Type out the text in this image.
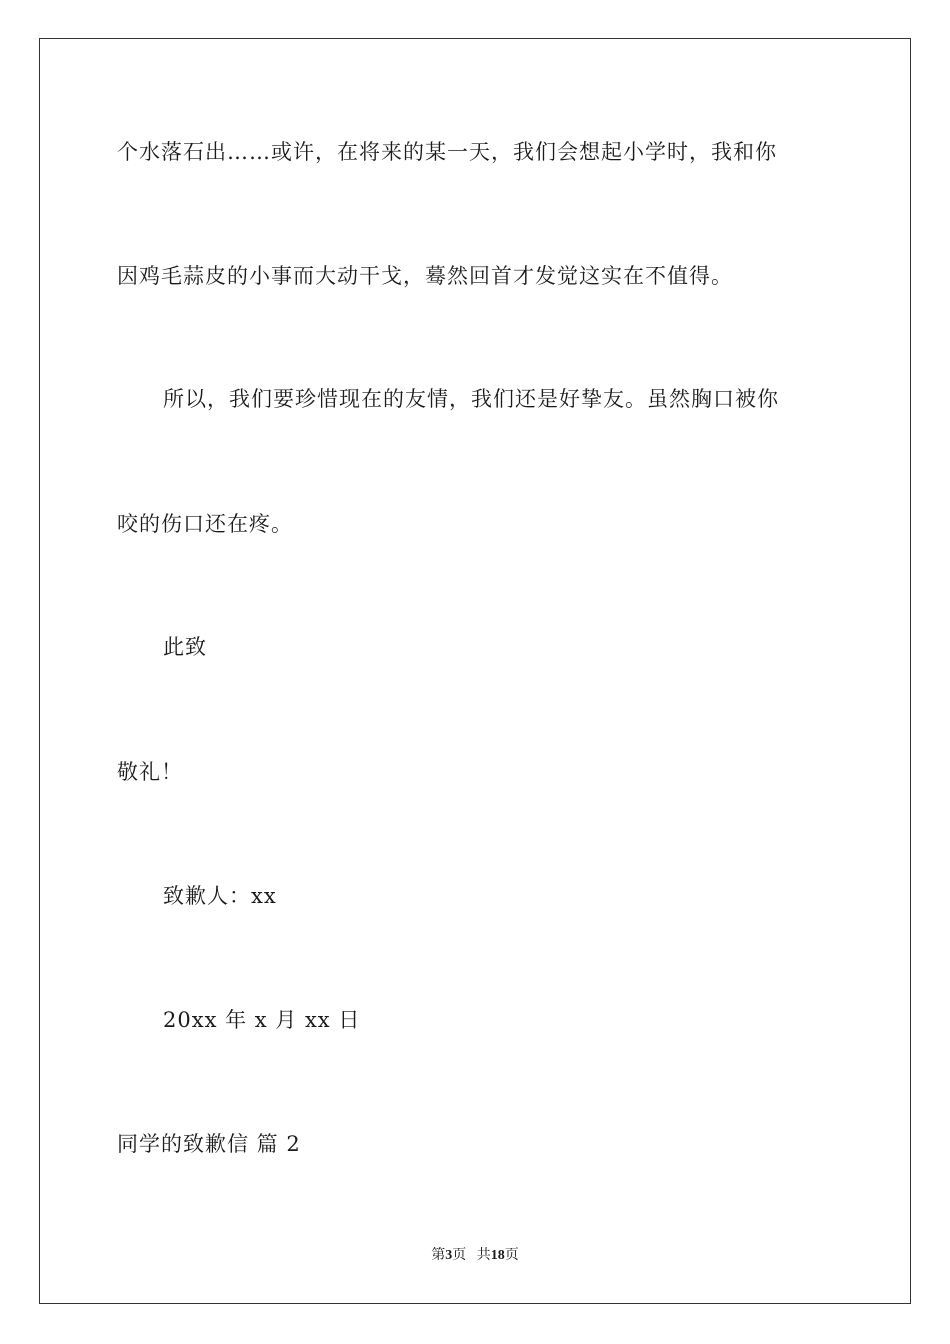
个水落石出……或许，在将来的某一天，我们会想起小学时，我和你
因鸡毛蒜皮的小事而大动干戈，蓦然回首才发觉这实在不值得。
所以，我们要珍惜现在的友情，我们还是好挚友。虽然胸口被你
咬的伤口还在疼。
此致
敬礼！
致歉人：xx
20xx 年 x 月 xx 日
同学的致歉信 篇 2
第3页 共18页
